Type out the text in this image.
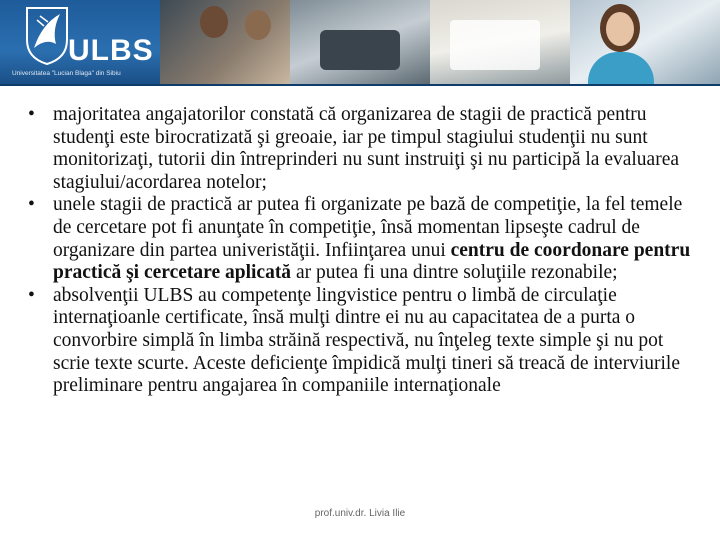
ULBS
Universitatea "Lucian Blaga" din Sibiu
• majoritatea angajatorilor constată că organizarea de stagii de practică pentru studenţi este birocratizată şi greoaie, iar pe timpul stagiului studenţii nu sunt monitorizaţi, tutorii din întreprinderi nu sunt instruiţi şi nu participă la evaluarea stagiului/acordarea notelor;
• unele stagii de practică ar putea fi organizate pe bază de competiţie, la fel temele de cercetare pot fi anunţate în competiţie, însă momentan lipseşte cadrul de organizare din partea univeristăţii. Infiinţarea unui centru de coordonare pentru practică şi cercetare aplicată ar putea fi una dintre soluţiile rezonabile;
• absolvenţii ULBS au competenţe lingvistice pentru o limbă de circulaţie internaţioanle certificate, însă mulţi dintre ei nu au capacitatea de a purta o convorbire simplă în limba străină respectivă, nu înţeleg texte simple şi nu pot scrie texte scurte. Aceste deficienţe împidică mulţi tineri să treacă de interviurile preliminare pentru angajarea în companiile internaţionale
prof.univ.dr. Livia Ilie
